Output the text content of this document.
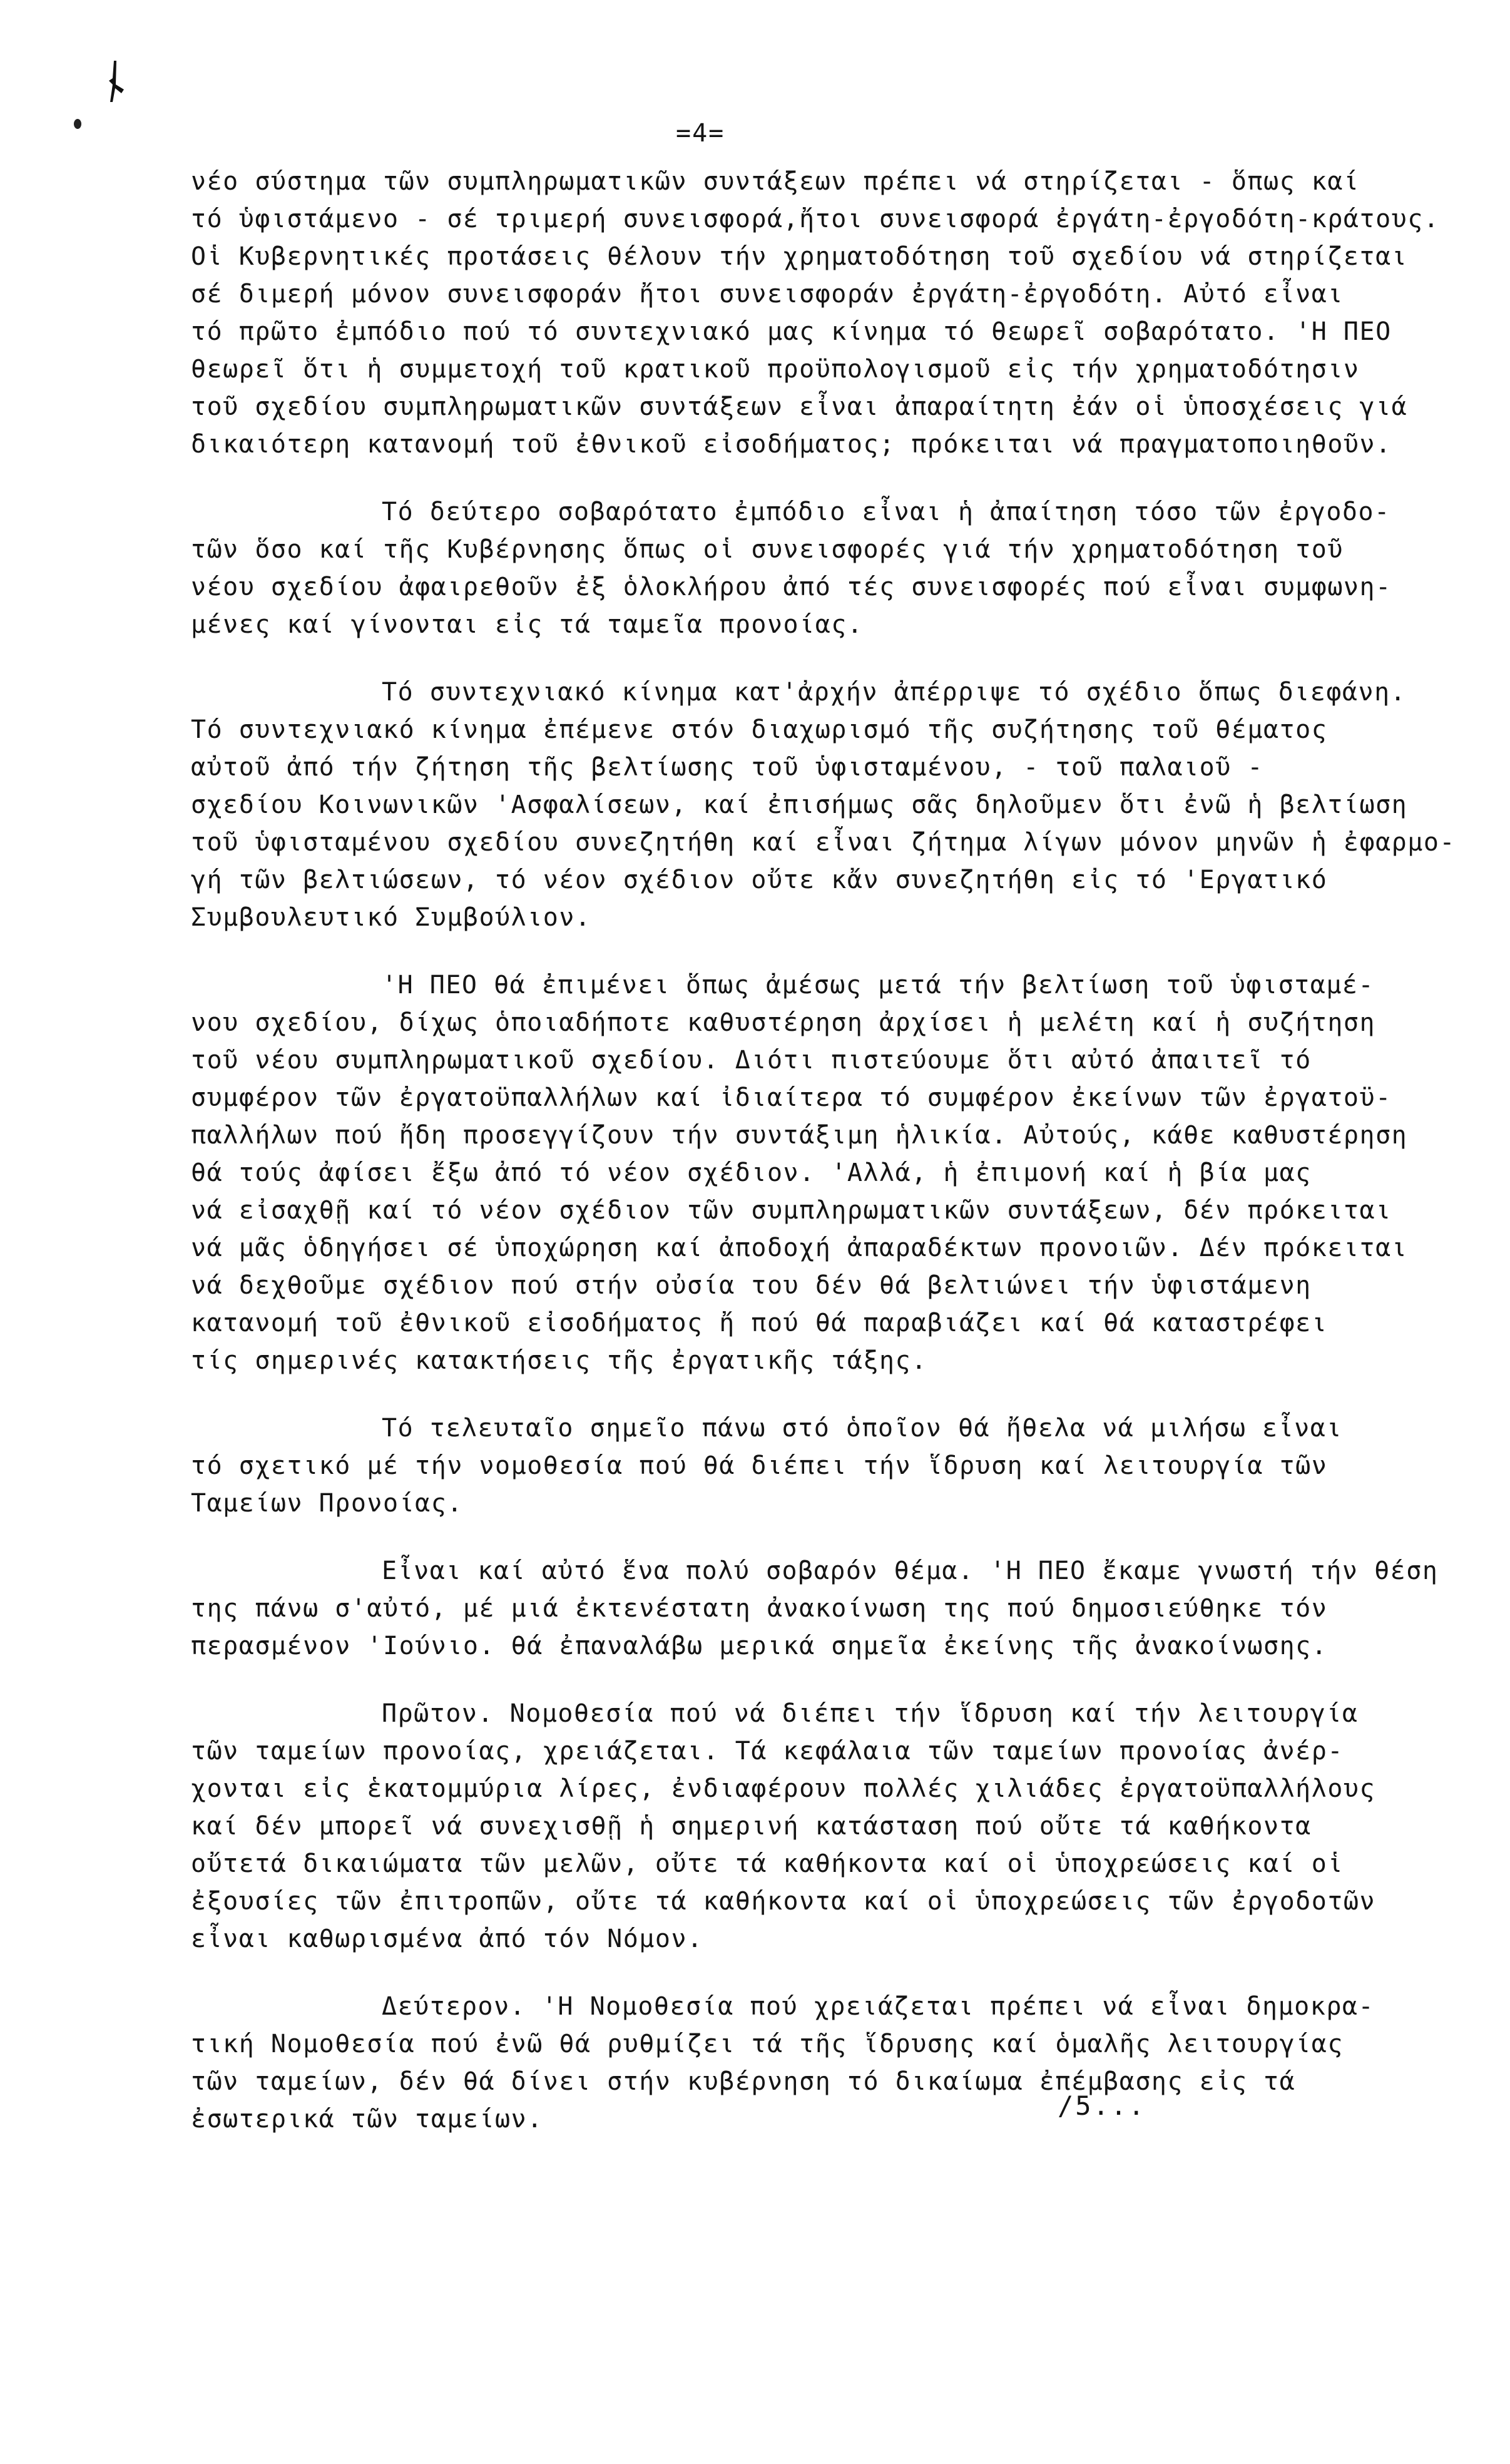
=4=
νέο σύστημα τῶν συμπληρωματικῶν συντάξεων πρέπει νά στηρίζεται - ὅπως καί
τό ὑφιστάμενο - σέ τριμερή συνεισφορά,ἤτοι συνεισφορά ἐργάτη-ἐργοδότη-κράτους.
Οἱ Κυβερνητικές προτάσεις θέλουν τήν χρηματοδότηση τοῦ σχεδίου νά στηρίζεται
σέ διμερή μόνον συνεισφοράν ἤτοι συνεισφοράν ἐργάτη-ἐργοδότη. Αὐτό εἶναι
τό πρῶτο ἐμπόδιο πού τό συντεχνιακό μας κίνημα τό θεωρεῖ σοβαρότατο. 'Η ΠΕΟ
θεωρεῖ ὅτι ἡ συμμετοχή τοῦ κρατικοῦ προϋπολογισμοῦ εἰς τήν χρηματοδότησιν
τοῦ σχεδίου συμπληρωματικῶν συντάξεων εἶναι ἀπαραίτητη ἐάν οἱ ὑποσχέσεις γιά
δικαιότερη κατανομή τοῦ ἐθνικοῦ εἰσοδήματος; πρόκειται νά πραγματοποιηθοῦν.
Τό δεύτερο σοβαρότατο ἐμπόδιο εἶναι ἡ ἀπαίτηση τόσο τῶν ἐργοδο-
τῶν ὅσο καί τῆς Κυβέρνησης ὅπως οἱ συνεισφορές γιά τήν χρηματοδότηση τοῦ
νέου σχεδίου ἀφαιρεθοῦν ἐξ ὁλοκλήρου ἀπό τές συνεισφορές πού εἶναι συμφωνη-
μένες καί γίνονται εἰς τά ταμεῖα προνοίας.
Τό συντεχνιακό κίνημα κατ'ἀρχήν ἀπέρριψε τό σχέδιο ὅπως διεφάνη.
Τό συντεχνιακό κίνημα ἐπέμενε στόν διαχωρισμό τῆς συζήτησης τοῦ θέματος
αὐτοῦ ἀπό τήν ζήτηση τῆς βελτίωσης τοῦ ὑφισταμένου, - τοῦ παλαιοῦ -
σχεδίου Κοινωνικῶν 'Ασφαλίσεων, καί ἐπισήμως σᾶς δηλοῦμεν ὅτι ἐνῶ ἡ βελτίωση
τοῦ ὑφισταμένου σχεδίου συνεζητήθη καί εἶναι ζήτημα λίγων μόνον μηνῶν ἡ ἐφαρμο-
γή τῶν βελτιώσεων, τό νέον σχέδιον οὔτε κἄν συνεζητήθη εἰς τό 'Εργατικό
Συμβουλευτικό Συμβούλιον.
'Η ΠΕΟ θά ἐπιμένει ὅπως ἀμέσως μετά τήν βελτίωση τοῦ ὑφισταμέ-
νου σχεδίου, δίχως ὁποιαδήποτε καθυστέρηση ἀρχίσει ἡ μελέτη καί ἡ συζήτηση
τοῦ νέου συμπληρωματικοῦ σχεδίου. Διότι πιστεύουμε ὅτι αὐτό ἀπαιτεῖ τό
συμφέρον τῶν ἐργατοϋπαλλήλων καί ἰδιαίτερα τό συμφέρον ἐκείνων τῶν ἐργατοϋ-
παλλήλων πού ἤδη προσεγγίζουν τήν συντάξιμη ἡλικία. Αὐτούς, κάθε καθυστέρηση
θά τούς ἀφίσει ἔξω ἀπό τό νέον σχέδιον. 'Αλλά, ἡ ἐπιμονή καί ἡ βία μας
νά εἰσαχθῇ καί τό νέον σχέδιον τῶν συμπληρωματικῶν συντάξεων, δέν πρόκειται
νά μᾶς ὁδηγήσει σέ ὑποχώρηση καί ἀποδοχή ἀπαραδέκτων προνοιῶν. Δέν πρόκειται
νά δεχθοῦμε σχέδιον πού στήν οὐσία του δέν θά βελτιώνει τήν ὑφιστάμενη
κατανομή τοῦ ἐθνικοῦ εἰσοδήματος ἤ πού θά παραβιάζει καί θά καταστρέφει
τίς σημερινές κατακτήσεις τῆς ἐργατικῆς τάξης.
Τό τελευταῖο σημεῖο πάνω στό ὁποῖον θά ἤθελα νά μιλήσω εἶναι
τό σχετικό μέ τήν νομοθεσία πού θά διέπει τήν ἵδρυση καί λειτουργία τῶν
Ταμείων Προνοίας.
Εἶναι καί αὐτό ἕνα πολύ σοβαρόν θέμα. 'Η ΠΕΟ ἔκαμε γνωστή τήν θέση
της πάνω σ'αὐτό, μέ μιά ἐκτενέστατη ἀνακοίνωση της πού δημοσιεύθηκε τόν
περασμένον 'Ιούνιο. θά ἐπαναλάβω μερικά σημεῖα ἐκείνης τῆς ἀνακοίνωσης.
Πρῶτον. Νομοθεσία πού νά διέπει τήν ἵδρυση καί τήν λειτουργία
τῶν ταμείων προνοίας, χρειάζεται. Τά κεφάλαια τῶν ταμείων προνοίας ἀνέρ-
χονται εἰς ἑκατομμύρια λίρες, ἐνδιαφέρουν πολλές χιλιάδες ἐργατοϋπαλλήλους
καί δέν μπορεῖ νά συνεχισθῇ ἡ σημερινή κατάσταση πού οὔτε τά καθήκοντα
οὔτετά δικαιώματα τῶν μελῶν, οὔτε τά καθήκοντα καί οἱ ὑποχρεώσεις καί οἱ
ἐξουσίες τῶν ἐπιτροπῶν, οὔτε τά καθήκοντα καί οἱ ὑποχρεώσεις τῶν ἐργοδοτῶν
εἶναι καθωρισμένα ἀπό τόν Νόμον.
Δεύτερον. 'Η Νομοθεσία πού χρειάζεται πρέπει νά εἶναι δημοκρα-
τική Νομοθεσία πού ἐνῶ θά ρυθμίζει τά τῆς ἵδρυσης καί ὁμαλῆς λειτουργίας
τῶν ταμείων, δέν θά δίνει στήν κυβέρνηση τό δικαίωμα ἐπέμβασης εἰς τά
ἐσωτερικά τῶν ταμείων.	/5...
